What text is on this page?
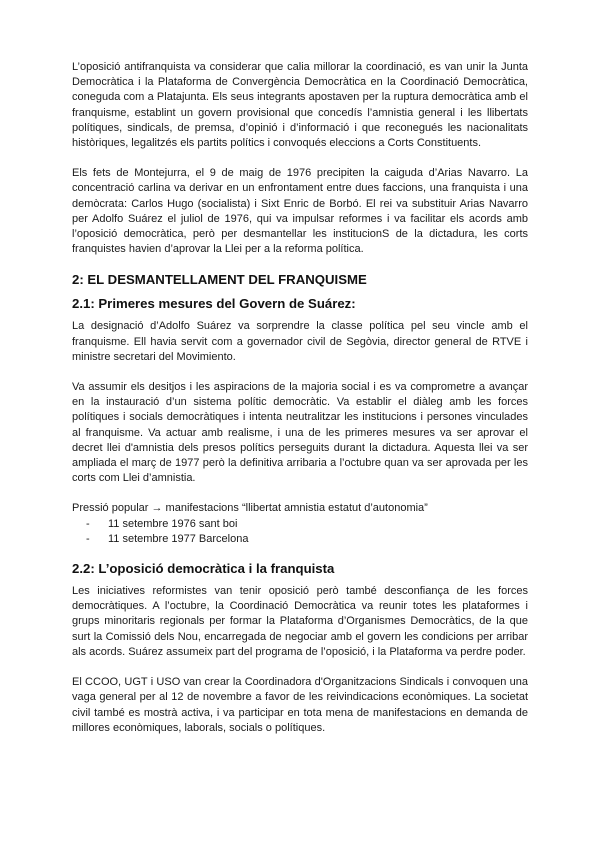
L’oposició antifranquista va considerar que calia millorar la coordinació, es van unir la Junta Democràtica i la Plataforma de Convergència Democràtica en la Coordinació Democràtica, coneguda com a Platajunta. Els seus integrants apostaven per la ruptura democràtica amb el franquisme, establint un govern provisional que concedís l’amnistia general i les llibertats polítiques, sindicals, de premsa, d’opinió i d’informació i que reconegués les nacionalitats històriques, legalitzés els partits polítics i convoqués eleccions a Corts Constituents.

Els fets de Montejurra, el 9 de maig de 1976 precipiten la caiguda d’Arias Navarro. La concentració carlina va derivar en un enfrontament entre dues faccions, una franquista i una demòcrata: Carlos Hugo (socialista) i Sixt Enric de Borbó. El rei va substituir Arias Navarro per Adolfo Suárez el juliol de 1976, qui va impulsar reformes i va facilitar els acords amb l’oposició democràtica, però per desmantellar les institucionS de la dictadura, les corts franquistes havien d’aprovar la Llei per a la reforma política.

2: EL DESMANTELLAMENT DEL FRANQUISME
2.1: Primeres mesures del Govern de Suárez:

La designació d’Adolfo Suárez va sorprendre la classe política pel seu vincle amb el franquisme. Ell havia servit com a governador civil de Segòvia, director general de RTVE i ministre secretari del Movimiento.

Va assumir els desitjos i les aspiracions de la majoria social i es va comprometre a avançar en la instauració d’un sistema polític democràtic. Va establir el diàleg amb les forces polítiques i socials democràtiques i intenta neutralitzar les institucions i persones vinculades al franquisme. Va actuar amb realisme, i una de les primeres mesures va ser aprovar el decret llei d'amnistia dels presos polítics perseguits durant la dictadura. Aquesta llei va ser ampliada el març de 1977 però la definitiva arribaria a l’octubre quan va ser aprovada per les corts com Llei d’amnistia.

Pressió popular → manifestacions “llibertat amnistia estatut d’autonomia”

- 11 setembre 1976 sant boi
- 11 setembre 1977 Barcelona
2.2: L’oposició democràtica i la franquista

Les iniciatives reformistes van tenir oposició però també desconfiança de les forces democràtiques. A l’octubre, la Coordinació Democràtica va reunir totes les plataformes i grups minoritaris regionals per formar la Plataforma d’Organismes Democràtics, de la que surt la Comissió dels Nou, encarregada de negociar amb el govern les condicions per arribar als acords. Suárez assumeix part del programa de l’oposició, i la Plataforma va perdre poder.

El CCOO, UGT i USO van crear la Coordinadora d'Organitzacions Sindicals i convoquen una vaga general per al 12 de novembre a favor de les reivindicacions econòmiques. La societat civil també es mostrà activa, i va participar en tota mena de manifestacions en demanda de millores econòmiques, laborals, socials o polítiques.
